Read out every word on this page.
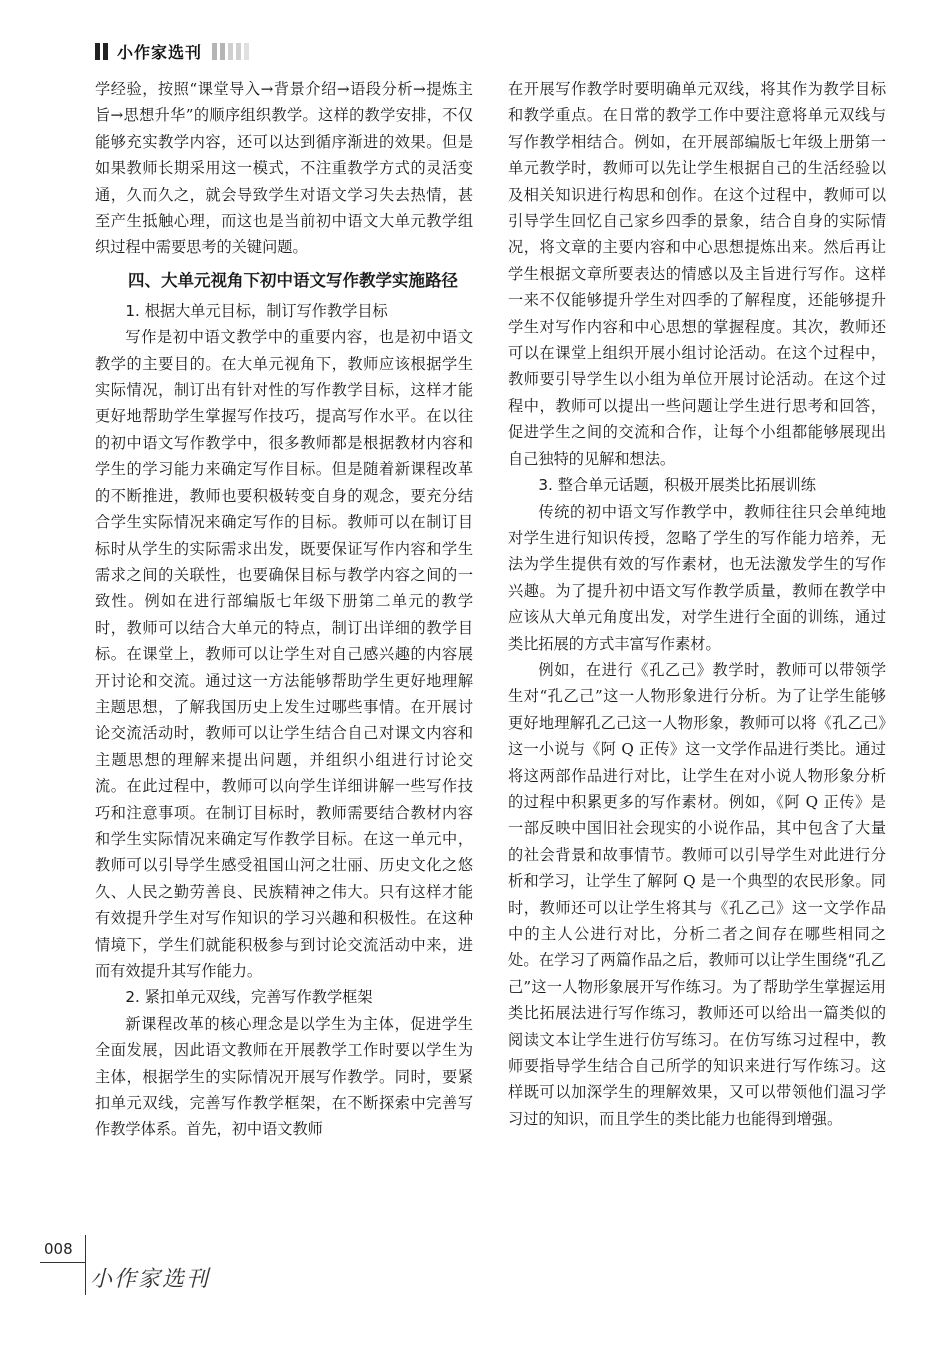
小作家选刊

学经验，按照“课堂导入→背景介绍→语段分析→提炼主旨→思想升华”的顺序组织教学。这样的教学安排，不仅能够充实教学内容，还可以达到循序渐进的效果。但是如果教师长期采用这一模式，不注重教学方式的灵活变通，久而久之，就会导致学生对语文学习失去热情，甚至产生抵触心理，而这也是当前初中语文大单元教学组织过程中需要思考的关键问题。

四、大单元视角下初中语文写作教学实施路径
1. 根据大单元目标，制订写作教学目标

写作是初中语文教学中的重要内容，也是初中语文教学的主要目的。在大单元视角下，教师应该根据学生实际情况，制订出有针对性的写作教学目标，这样才能更好地帮助学生掌握写作技巧，提高写作水平。在以往的初中语文写作教学中，很多教师都是根据教材内容和学生的学习能力来确定写作目标。但是随着新课程改革的不断推进，教师也要积极转变自身的观念，要充分结合学生实际情况来确定写作的目标。教师可以在制订目标时从学生的实际需求出发，既要保证写作内容和学生需求之间的关联性，也要确保目标与教学内容之间的一致性。例如在进行部编版七年级下册第二单元的教学时，教师可以结合大单元的特点，制订出详细的教学目标。在课堂上，教师可以让学生对自己感兴趣的内容展开讨论和交流。通过这一方法能够帮助学生更好地理解主题思想，了解我国历史上发生过哪些事情。在开展讨论交流活动时，教师可以让学生结合自己对课文内容和主题思想的理解来提出问题，并组织小组进行讨论交流。在此过程中，教师可以向学生详细讲解一些写作技巧和注意事项。在制订目标时，教师需要结合教材内容和学生实际情况来确定写作教学目标。在这一单元中，教师可以引导学生感受祖国山河之壮丽、历史文化之悠久、人民之勤劳善良、民族精神之伟大。只有这样才能有效提升学生对写作知识的学习兴趣和积极性。在这种情境下，学生们就能积极参与到讨论交流活动中来，进而有效提升其写作能力。

2. 紧扣单元双线，完善写作教学框架

新课程改革的核心理念是以学生为主体，促进学生全面发展，因此语文教师在开展教学工作时要以学生为主体，根据学生的实际情况开展写作教学。同时，要紧扣单元双线，完善写作教学框架，在不断探索中完善写作教学体系。首先，初中语文教师

在开展写作教学时要明确单元双线，将其作为教学目标和教学重点。在日常的教学工作中要注意将单元双线与写作教学相结合。例如，在开展部编版七年级上册第一单元教学时，教师可以先让学生根据自己的生活经验以及相关知识进行构思和创作。在这个过程中，教师可以引导学生回忆自己家乡四季的景象，结合自身的实际情况，将文章的主要内容和中心思想提炼出来。然后再让学生根据文章所要表达的情感以及主旨进行写作。这样一来不仅能够提升学生对四季的了解程度，还能够提升学生对写作内容和中心思想的掌握程度。其次，教师还可以在课堂上组织开展小组讨论活动。在这个过程中，教师要引导学生以小组为单位开展讨论活动。在这个过程中，教师可以提出一些问题让学生进行思考和回答，促进学生之间的交流和合作，让每个小组都能够展现出自己独特的见解和想法。

3. 整合单元话题，积极开展类比拓展训练

传统的初中语文写作教学中，教师往往只会单纯地对学生进行知识传授，忽略了学生的写作能力培养，无法为学生提供有效的写作素材，也无法激发学生的写作兴趣。为了提升初中语文写作教学质量，教师在教学中应该从大单元角度出发，对学生进行全面的训练，通过类比拓展的方式丰富写作素材。

例如，在进行《孔乙己》教学时，教师可以带领学生对“孔乙己”这一人物形象进行分析。为了让学生能够更好地理解孔乙己这一人物形象，教师可以将《孔乙己》这一小说与《阿 Q 正传》这一文学作品进行类比。通过将这两部作品进行对比，让学生在对小说人物形象分析的过程中积累更多的写作素材。例如，《阿 Q 正传》是一部反映中国旧社会现实的小说作品，其中包含了大量的社会背景和故事情节。教师可以引导学生对此进行分析和学习，让学生了解阿 Q 是一个典型的农民形象。同时，教师还可以让学生将其与《孔乙己》这一文学作品中的主人公进行对比，分析二者之间存在哪些相同之处。在学习了两篇作品之后，教师可以让学生围绕“孔乙己”这一人物形象展开写作练习。为了帮助学生掌握运用类比拓展法进行写作练习，教师还可以给出一篇类似的阅读文本让学生进行仿写练习。在仿写练习过程中，教师要指导学生结合自己所学的知识来进行写作练习。这样既可以加深学生的理解效果，又可以带领他们温习学习过的知识，而且学生的类比能力也能得到增强。

008
小作家选刊
